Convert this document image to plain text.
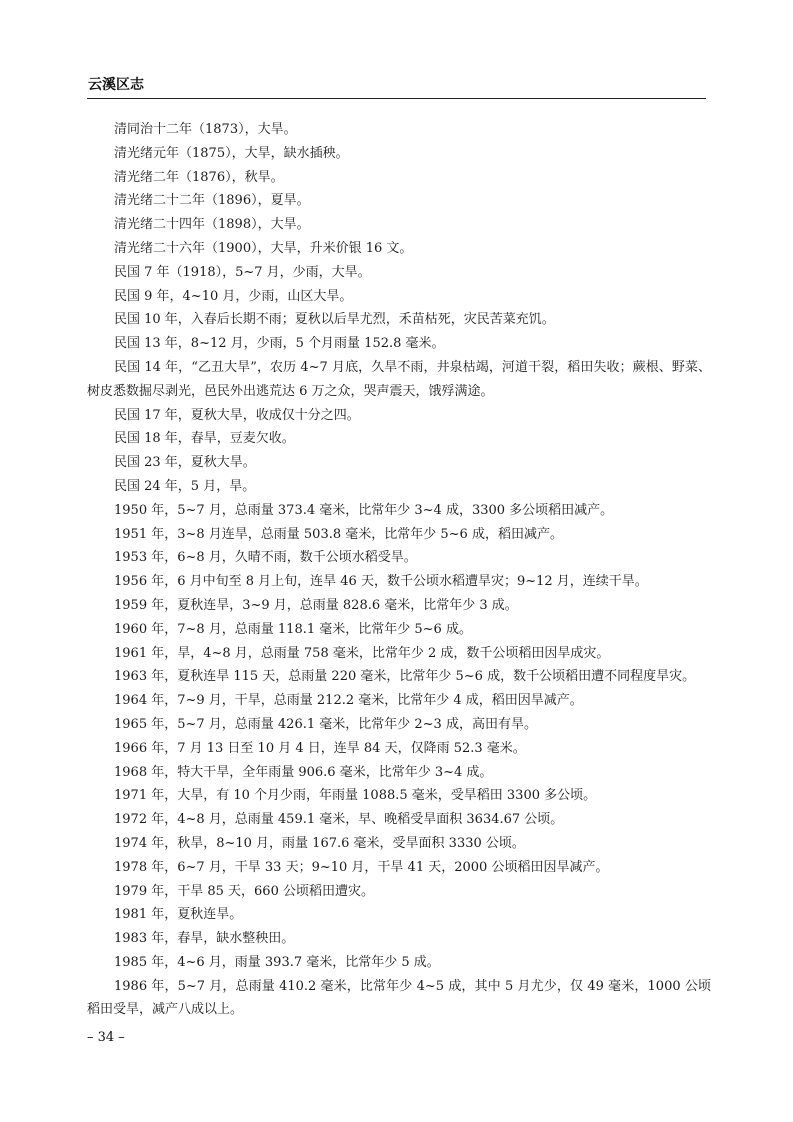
云溪区志

清同治十二年（1873），大旱。

清光绪元年（1875），大旱，缺水插秧。

清光绪二年（1876），秋旱。

清光绪二十二年（1896），夏旱。

清光绪二十四年（1898），大旱。

清光绪二十六年（1900），大旱，升米价银 16 文。

民国 7 年（1918），5~7 月，少雨，大旱。

民国 9 年，4~10 月，少雨，山区大旱。

民国 10 年，入春后长期不雨；夏秋以后旱尤烈，禾苗枯死，灾民苦菜充饥。

民国 13 年，8~12 月，少雨，5 个月雨量 152.8 毫米。

民国 14 年，“乙丑大旱”，农历 4~7 月底，久旱不雨，井泉枯竭，河道干裂，稻田失收；蕨根、野菜、树皮悉数掘尽剥光，邑民外出逃荒达 6 万之众，哭声震天，饿殍满途。

民国 17 年，夏秋大旱，收成仅十分之四。

民国 18 年，春旱，豆麦欠收。

民国 23 年，夏秋大旱。

民国 24 年，5 月，旱。

1950 年，5~7 月，总雨量 373.4 毫米，比常年少 3~4 成，3300 多公顷稻田减产。

1951 年，3~8 月连旱，总雨量 503.8 毫米，比常年少 5~6 成，稻田减产。

1953 年，6~8 月，久晴不雨，数千公顷水稻受旱。

1956 年，6 月中旬至 8 月上旬，连旱 46 天，数千公顷水稻遭旱灾；9~12 月，连续干旱。

1959 年，夏秋连旱，3~9 月，总雨量 828.6 毫米，比常年少 3 成。

1960 年，7~8 月，总雨量 118.1 毫米，比常年少 5~6 成。

1961 年，旱，4~8 月，总雨量 758 毫米，比常年少 2 成，数千公顷稻田因旱成灾。

1963 年，夏秋连旱 115 天，总雨量 220 毫米，比常年少 5~6 成，数千公顷稻田遭不同程度旱灾。

1964 年，7~9 月，干旱，总雨量 212.2 毫米，比常年少 4 成，稻田因旱减产。

1965 年，5~7 月，总雨量 426.1 毫米，比常年少 2~3 成，高田有旱。

1966 年，7 月 13 日至 10 月 4 日，连旱 84 天，仅降雨 52.3 毫米。

1968 年，特大干旱，全年雨量 906.6 毫米，比常年少 3~4 成。

1971 年，大旱，有 10 个月少雨，年雨量 1088.5 毫米，受旱稻田 3300 多公顷。

1972 年，4~8 月，总雨量 459.1 毫米，早、晚稻受旱面积 3634.67 公顷。

1974 年，秋旱，8~10 月，雨量 167.6 毫米，受旱面积 3330 公顷。

1978 年，6~7 月，干旱 33 天；9~10 月，干旱 41 天，2000 公顷稻田因旱减产。

1979 年，干旱 85 天，660 公顷稻田遭灾。

1981 年，夏秋连旱。

1983 年，春旱，缺水整秧田。

1985 年，4~6 月，雨量 393.7 毫米，比常年少 5 成。

1986 年，5~7 月，总雨量 410.2 毫米，比常年少 4~5 成，其中 5 月尤少，仅 49 毫米，1000 公顷稻田受旱，减产八成以上。

– 34 –
